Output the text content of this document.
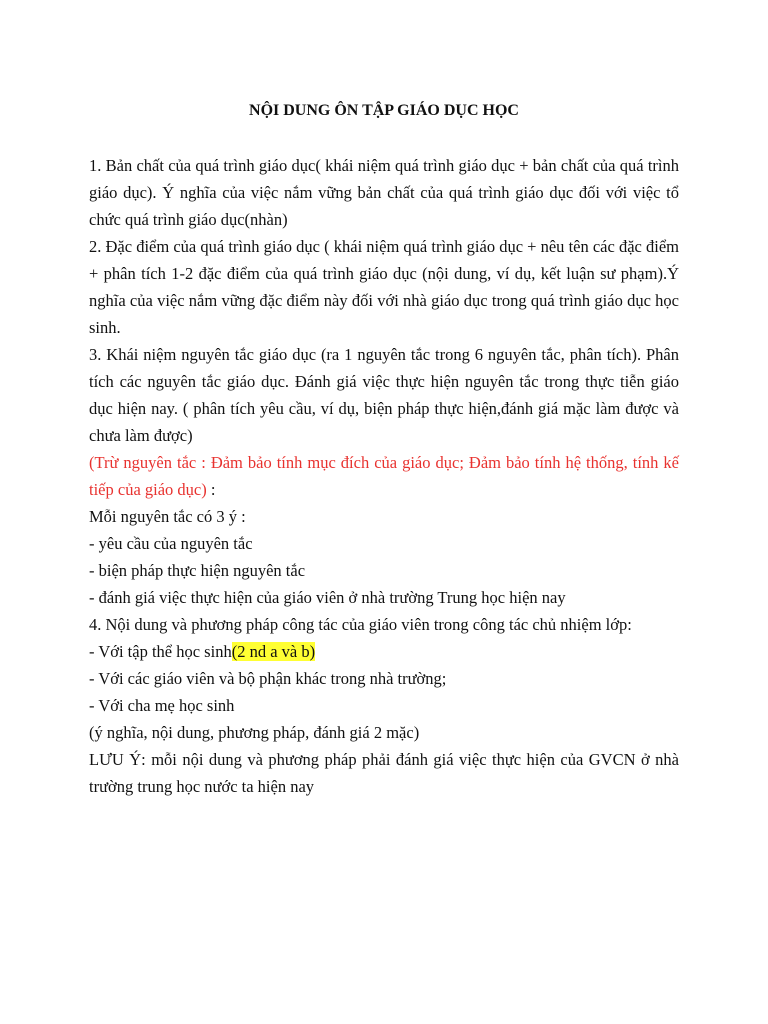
NỘI DUNG ÔN TẬP GIÁO DỤC HỌC

1. Bản chất của quá trình giáo dục( khái niệm quá trình giáo dục + bản chất của quá trình giáo dục). Ý nghĩa của việc nắm vững bản chất của quá trình giáo dục đối với việc tổ chức quá trình giáo dục(nhàn)

2. Đặc điểm của quá trình giáo dục ( khái niệm quá trình giáo dục + nêu tên các đặc điểm + phân tích 1-2 đặc điểm của quá trình giáo dục (nội dung, ví dụ, kết luận sư phạm).Ý nghĩa của việc nắm vững đặc điểm này đối với nhà giáo dục trong quá trình giáo dục học sinh.

3. Khái niệm nguyên tắc giáo dục (ra 1 nguyên tắc trong 6 nguyên tắc, phân tích). Phân tích các nguyên tắc giáo dục. Đánh giá việc thực hiện nguyên tắc trong thực tiễn giáo dục hiện nay. ( phân tích yêu cầu, ví dụ, biện pháp thực hiện,đánh giá mặc làm được và chưa làm được)

(Trừ nguyên tắc : Đảm bảo tính mục đích của giáo dục; Đảm bảo tính hệ thống, tính kế tiếp của giáo dục) :

Mỗi nguyên tắc có 3 ý :

- yêu cầu của nguyên tắc

- biện pháp thực hiện nguyên tắc

- đánh giá việc thực hiện của giáo viên ở nhà trường Trung học hiện nay

4. Nội dung và phương pháp công tác của giáo viên trong công tác chủ nhiệm lớp:

- Với tập thể học sinh(2 nd a và b)

- Với các giáo viên và bộ phận khác trong nhà trường;

- Với cha mẹ học sinh

(ý nghĩa, nội dung, phương pháp, đánh giá 2 mặc)

LƯU Ý: mỗi nội dung và phương pháp phải đánh giá việc thực hiện của GVCN ở nhà trường trung học nước ta hiện nay
